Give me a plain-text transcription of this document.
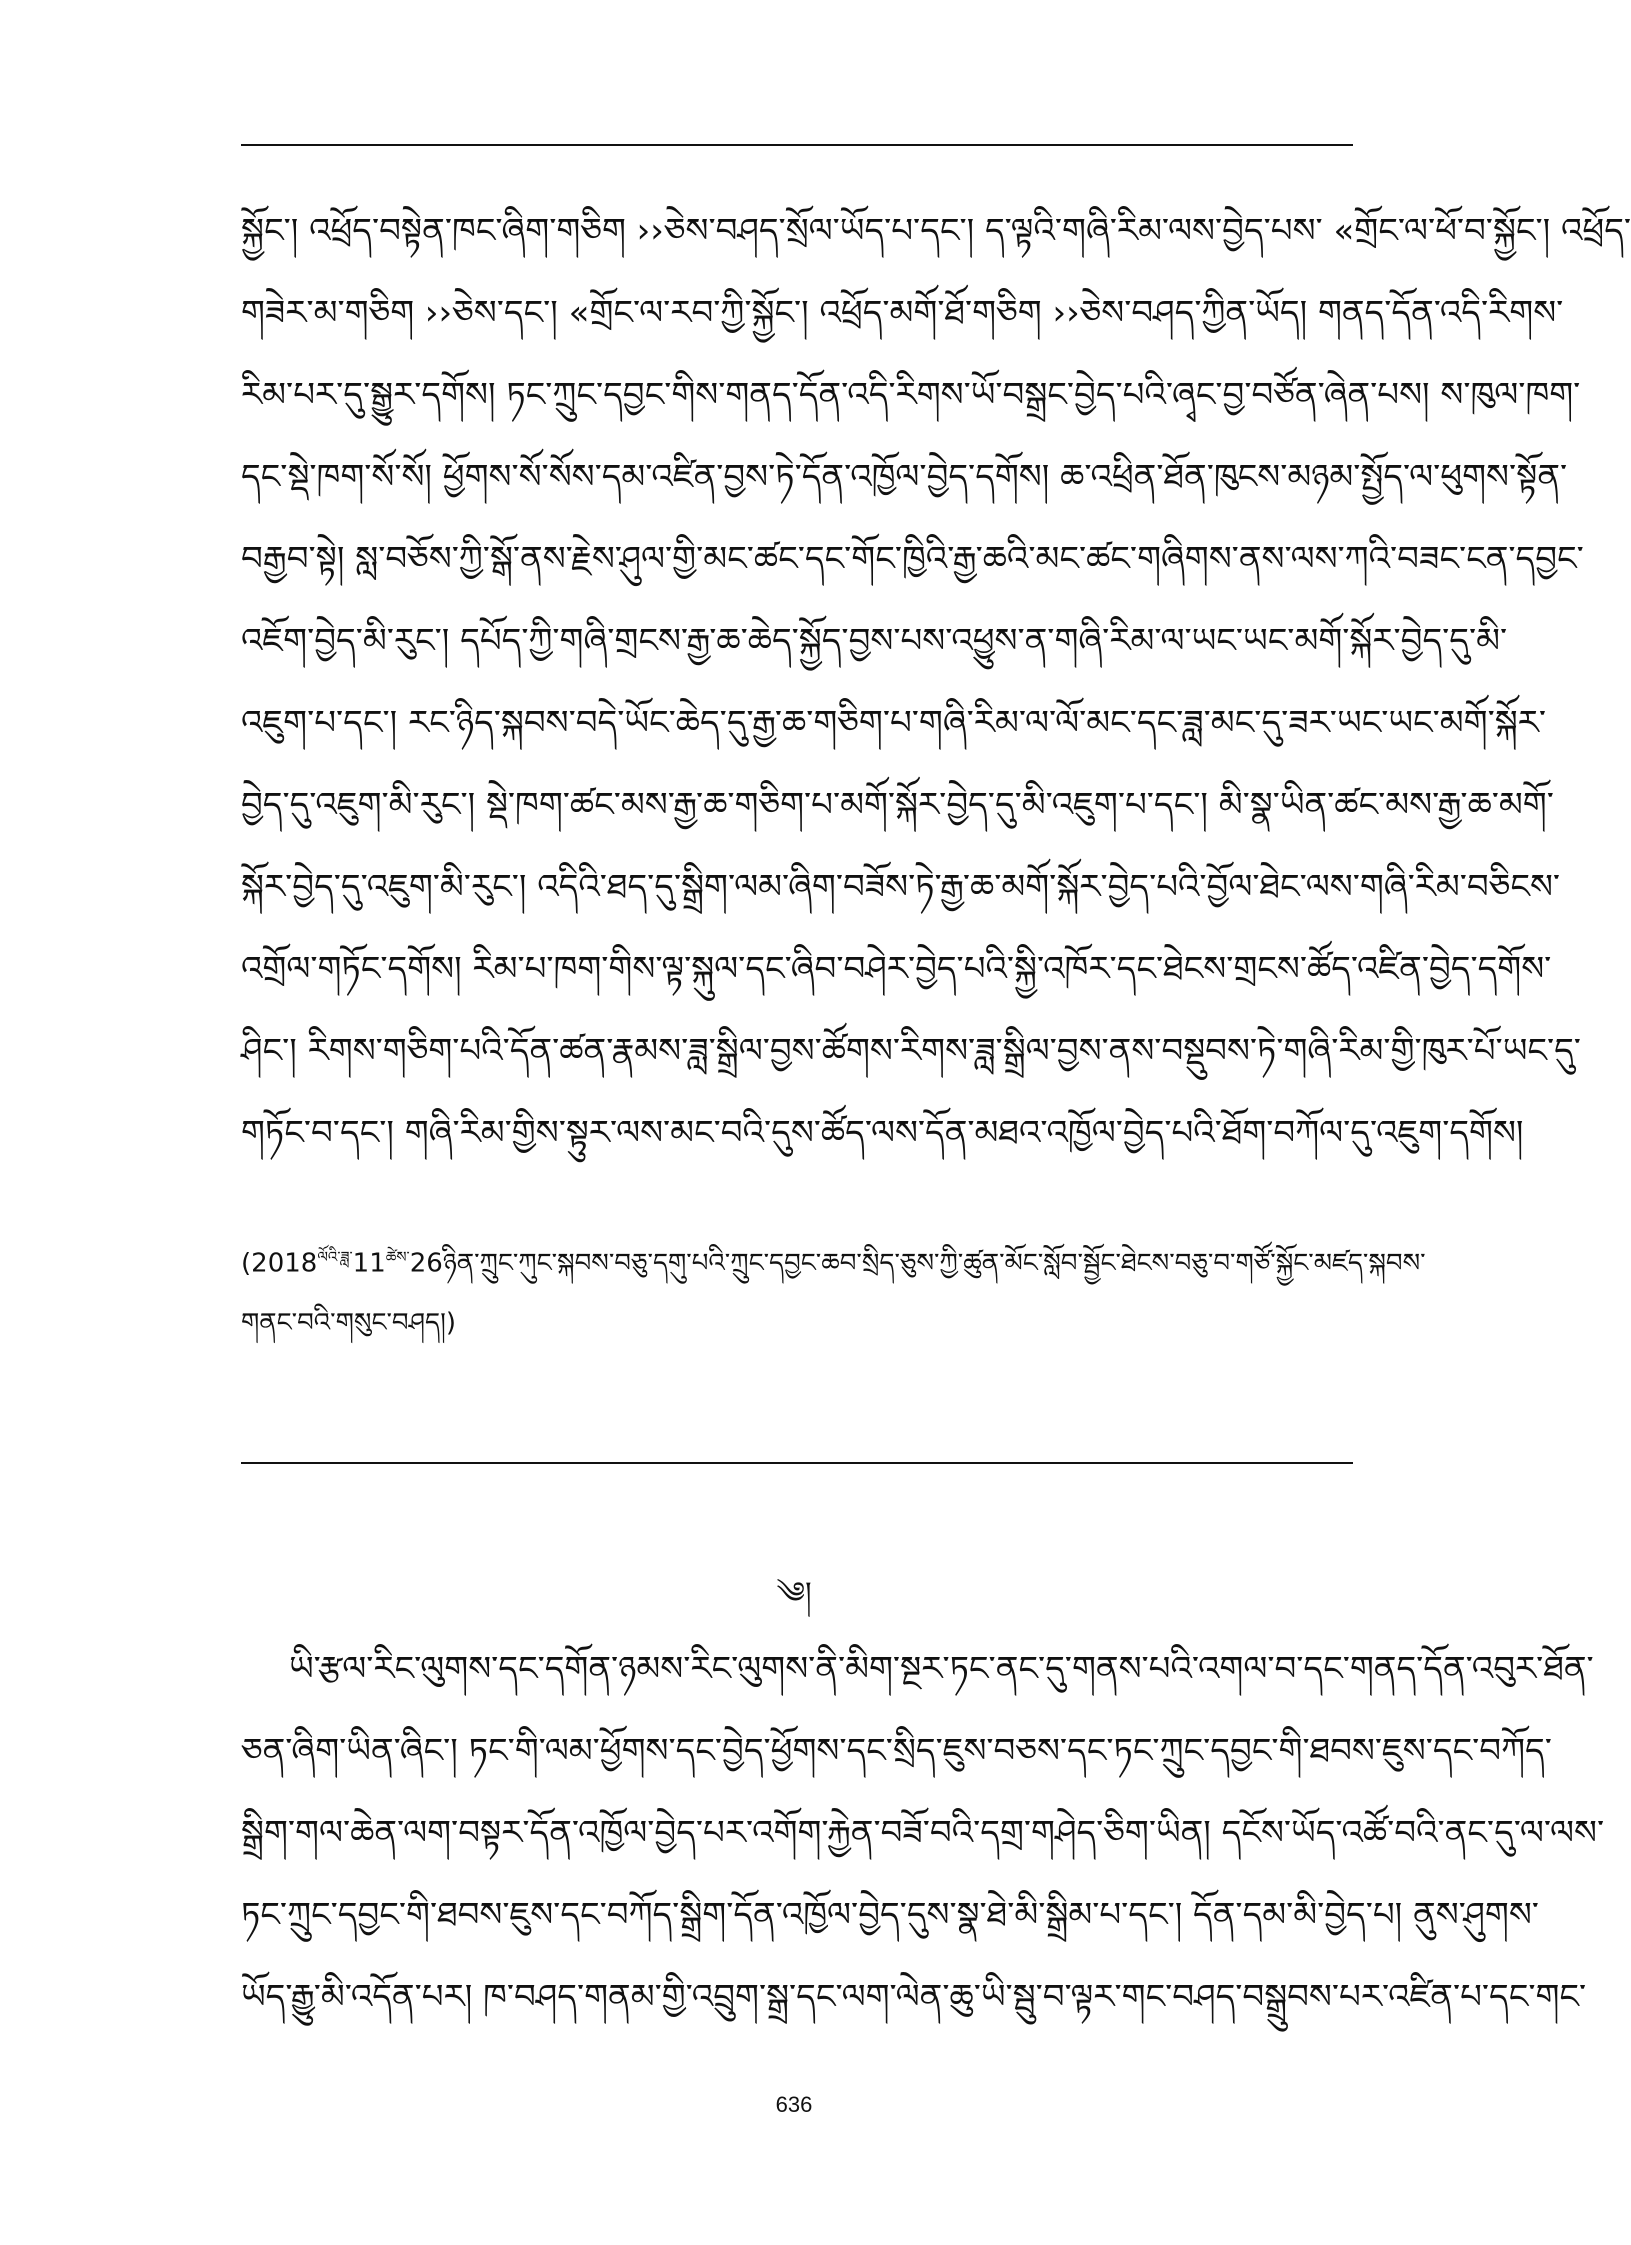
སྐྱོང་། འཕྲོད་བསྟེན་ཁང་ཞིག་གཅིག ››ཅེས་བཤད་སྲོལ་ཡོད་པ་དང་། ད་ལྟའི་གཞི་རིམ་ལས་བྱེད་པས་ «གྲོང་ལ་ཕོ་བ་སྐྱོང་། འཕྲོད་
གཟེར་མ་གཅིག ››ཅེས་དང་། «གྲོང་ལ་རབ་ཀྱི་སྐྱོང་། འཕྲོད་མགོ་ཐོ་གཅིག ››ཅེས་བཤད་ཀྱིན་ཡོད། གནད་དོན་འདི་རིགས་
རིམ་པར་དུ་སྒྱུར་དགོས། ཏང་ཀྲུང་དབྱང་གིས་གནད་དོན་འདི་རིགས་ཡོ་བསྒྲང་བྱེད་པའི་ཞྭང་བྱ་བཙོན་ཞེན་པས། ས་ཁུལ་ཁག་
དང་སྡེ་ཁག་སོ་སོ། ཕྱོགས་སོ་སོས་དམ་འཛིན་བྱས་ཏེ་དོན་འཁྱོལ་བྱེད་དགོས། ཆ་འཕྲིན་ཐོན་ཁུངས་མཉམ་སྤྱོད་ལ་ཕུགས་སྟོན་
བརྒྱབ་སྟེ། སླ་བཅོས་ཀྱི་སྒོ་ནས་རྗེས་ཤུལ་གྱི་མང་ཚང་དང་གོང་ཁྱིའི་རྒྱ་ཆའི་མང་ཚང་གཞིགས་ནས་ལས་ཀའི་བཟང་ངན་དབྱང་
འཇོག་བྱེད་མི་རུང་། དཔོད་ཀྱི་གཞི་གྲངས་རྒྱ་ཆ་ཆེད་སྐྱོད་བྱས་པས་འཕྱུས་ན་གཞི་རིམ་ལ་ཡང་ཡང་མགོ་སྐོར་བྱེད་དུ་མི་
འཇུག་པ་དང་། རང་ཉིད་སྐབས་བདེ་ཡོང་ཆེད་དུ་རྒྱ་ཆ་གཅིག་པ་གཞི་རིམ་ལ་ལོ་མང་དང་ཟླ་མང་དུ་ཟར་ཡང་ཡང་མགོ་སྐོར་
བྱེད་དུ་འཇུག་མི་རུང་། སྡེ་ཁག་ཚང་མས་རྒྱ་ཆ་གཅིག་པ་མགོ་སྐོར་བྱེད་དུ་མི་འཇུག་པ་དང་། མི་སྣ་ཡིན་ཚང་མས་རྒྱ་ཆ་མགོ་
སྐོར་བྱེད་དུ་འཇུག་མི་རུང་། འདིའི་ཐད་དུ་སྒྲིག་ལམ་ཞིག་བཟོས་ཏེ་རྒྱ་ཆ་མགོ་སྐོར་བྱེད་པའི་བྱོལ་ཐེང་ལས་གཞི་རིམ་བཅིངས་
འགྲོལ་གཏོང་དགོས། རིམ་པ་ཁག་གིས་ལྟ་སྐུལ་དང་ཞིབ་བཤེར་བྱེད་པའི་སྐྱི་འཁོར་དང་ཐེངས་གྲངས་ཚོད་འཛིན་བྱེད་དགོས་
ཤིང་། རིགས་གཅིག་པའི་དོན་ཚན་རྣམས་ཟླ་སྒྲིལ་བྱས་ཚོགས་རིགས་ཟླ་སྒྲིལ་བྱས་ནས་བསྡུབས་ཏེ་གཞི་རིམ་གྱི་ཁུར་པོ་ཡང་དུ་
གཏོང་བ་དང་། གཞི་རིམ་གྱིས་སྟུར་ལས་མང་བའི་དུས་ཚོད་ལས་དོན་མཐའ་འཁྱོལ་བྱེད་པའི་ཐོག་བཀོལ་དུ་འཇུག་དགོས།
($2018^{ལོའི་ཟླ་}11^{ཚེས་}26ཉིན་ཀྲུང་ཀུང་སྐབས་བཅུ་དགུ་པའི་ཀྲུང་དབྱང་ཆབ་སྲིད་ཅུས་ཀྱི་ཚུན་མོང་སློབ་སྦྱོང་ཐེངས་བཅུ་བ་གཙོ་སྐྱོང་མཛད་སྐབས་$
གནང་བའི་གསུང་བཤད།)
༄།
ཡི་རྩལ་རིང་ལུགས་དང་དགོན་ཉམས་རིང་ལུགས་ནི་མིག་སྔར་ཏང་ནང་དུ་གནས་པའི་འགལ་བ་དང་གནད་དོན་འབུར་ཐོན་
ཅན་ཞིག་ཡིན་ཞིང་། ཏང་གི་ལམ་ཕྱོགས་དང་བྱེད་ཕྱོགས་དང་སྲིད་ཇུས་བཅས་དང་ཏང་ཀྲུང་དབྱང་གི་ཐབས་ཇུས་དང་བཀོད་
སྒྲིག་གལ་ཆེན་ལག་བསྟར་དོན་འཁྱོལ་བྱེད་པར་འགོག་རྐྱེན་བཟོ་བའི་དགྲ་གཤེད་ཅིག་ཡིན། དངོས་ཡོད་འཚོ་བའི་ནང་དུ་ལ་ལས་
ཏང་ཀྲུང་དབྱང་གི་ཐབས་ཇུས་དང་བཀོད་སྒྲིག་དོན་འཁྱོལ་བྱེད་དུས་སྣ་ཐེ་མི་སྒྲིམ་པ་དང་། དོན་དམ་མི་བྱེད་པ། ནུས་ཤུགས་
ཡོད་རྒྱུ་མི་འདོན་པར། ཁ་བཤད་གནམ་གྱི་འབྲུག་སྒྲ་དང་ལག་ལེན་ཆུ་ཡི་སྦུ་བ་ལྟར་གང་བཤད་བསྒྲུབས་པར་འཛིན་པ་དང་གང་
636
